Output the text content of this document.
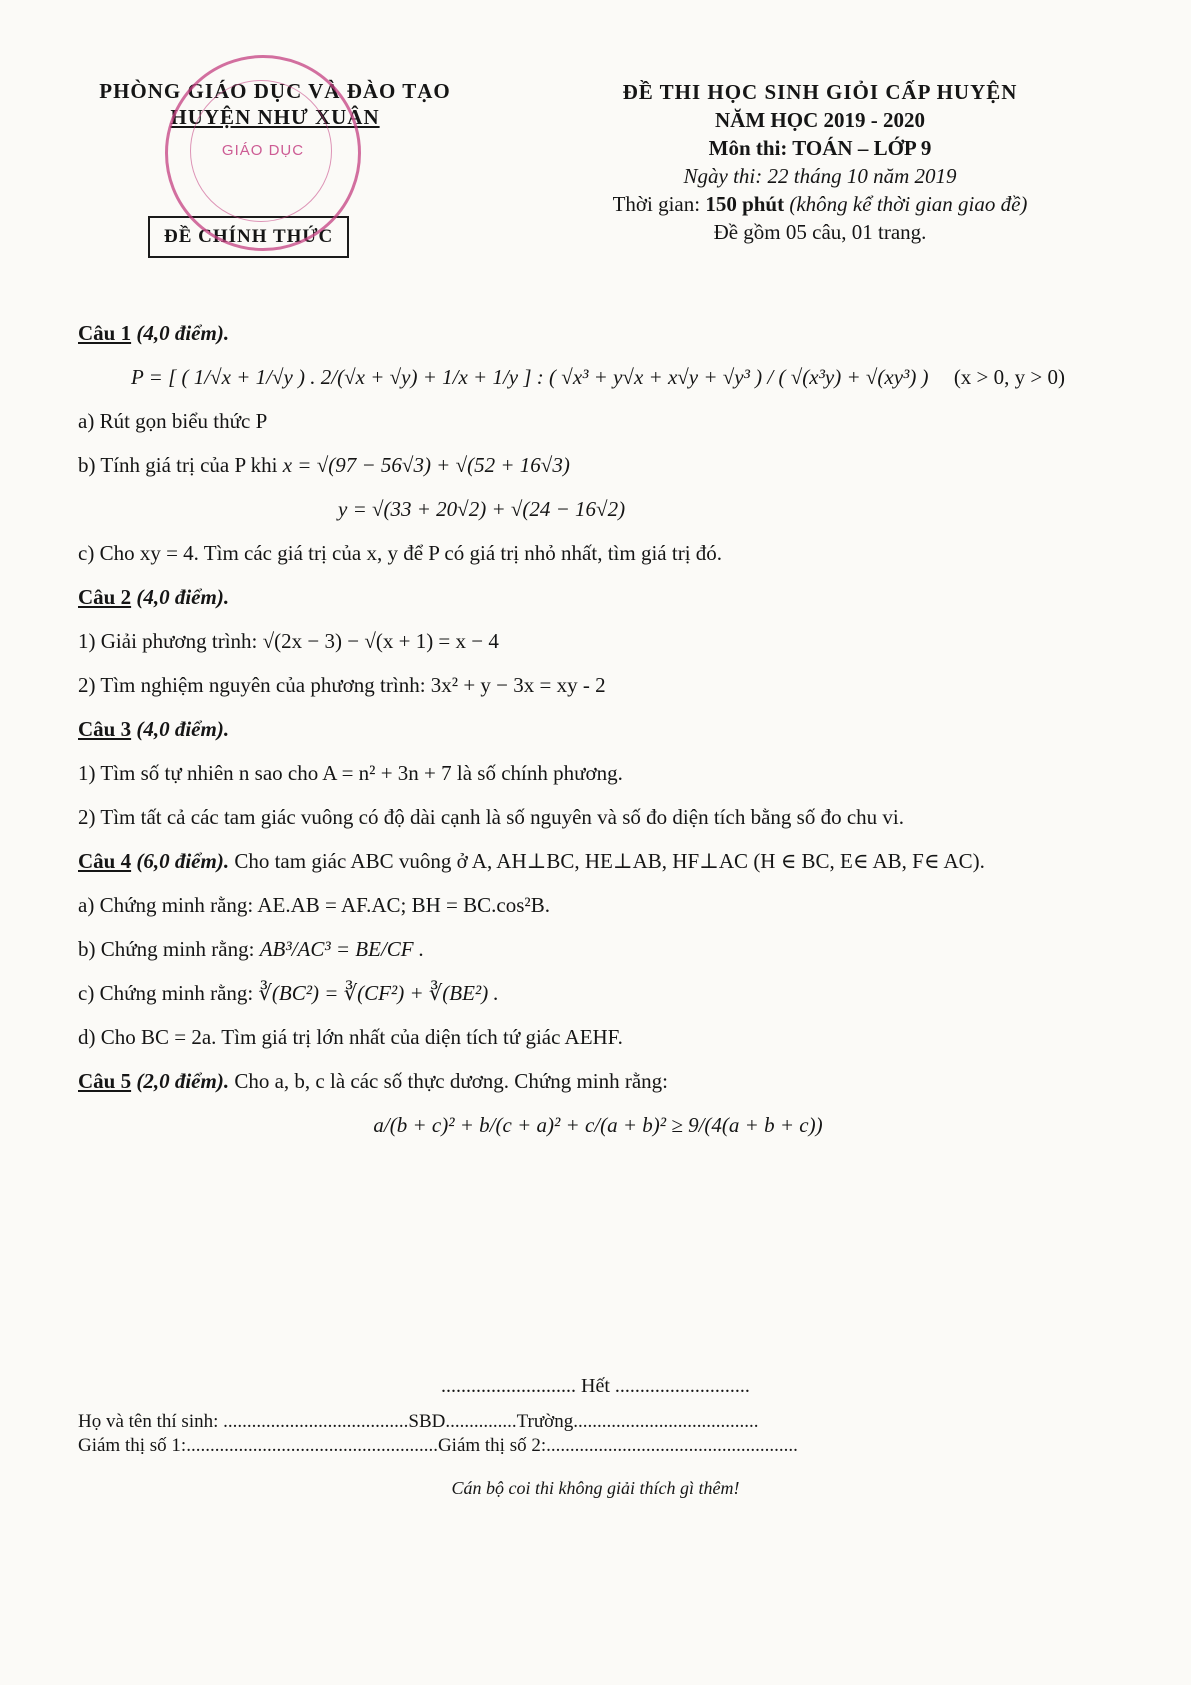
PHÒNG GIÁO DỤC VÀ ĐÀO TẠO
HUYỆN NHƯ XUÂN
ĐỀ CHÍNH THỨC
GIÁO DỤC
ĐỀ THI HỌC SINH GIỎI CẤP HUYỆN
NĂM HỌC 2019 - 2020
Môn thi: TOÁN – LỚP 9
Ngày thi: 22 tháng 10 năm 2019
Thời gian: 150 phút (không kể thời gian giao đề)
Đề gồm 05 câu, 01 trang.
Câu 1 (4,0 điểm).
P = [ ( 1/√x + 1/√y ) . 2/(√x + √y) + 1/x + 1/y ] : ( √x³ + y√x + x√y + √y³ ) / ( √(x³y) + √(xy³) ) (x > 0, y > 0)
a) Rút gọn biểu thức P
b) Tính giá trị của P khi x = √(97 − 56√3) + √(52 + 16√3)
y = √(33 + 20√2) + √(24 − 16√2)
c) Cho xy = 4. Tìm các giá trị của x, y để P có giá trị nhỏ nhất, tìm giá trị đó.
Câu 2 (4,0 điểm).
1) Giải phương trình: √(2x − 3) − √(x + 1) = x − 4
2) Tìm nghiệm nguyên của phương trình: 3x² + y − 3x = xy - 2
Câu 3 (4,0 điểm).
1) Tìm số tự nhiên n sao cho A = n² + 3n + 7 là số chính phương.
2) Tìm tất cả các tam giác vuông có độ dài cạnh là số nguyên và số đo diện tích bằng số đo chu vi.
Câu 4 (6,0 điểm). Cho tam giác ABC vuông ở A, AH⊥BC, HE⊥AB, HF⊥AC (H ∈ BC, E∈ AB, F∈ AC).
a) Chứng minh rằng: AE.AB = AF.AC; BH = BC.cos²B.
b) Chứng minh rằng: AB³/AC³ = BE/CF .
c) Chứng minh rằng: ∛(BC²) = ∛(CF²) + ∛(BE²) .
d) Cho BC = 2a. Tìm giá trị lớn nhất của diện tích tứ giác AEHF.
Câu 5 (2,0 điểm). Cho a, b, c là các số thực dương. Chứng minh rằng:
a/(b + c)² + b/(c + a)² + c/(a + b)² ≥ 9/(4(a + b + c))
........................... Hết ...........................
Họ và tên thí sinh: .......................................SBD...............Trường.......................................
Giám thị số 1:.....................................................Giám thị số 2:.....................................................
Cán bộ coi thi không giải thích gì thêm!
